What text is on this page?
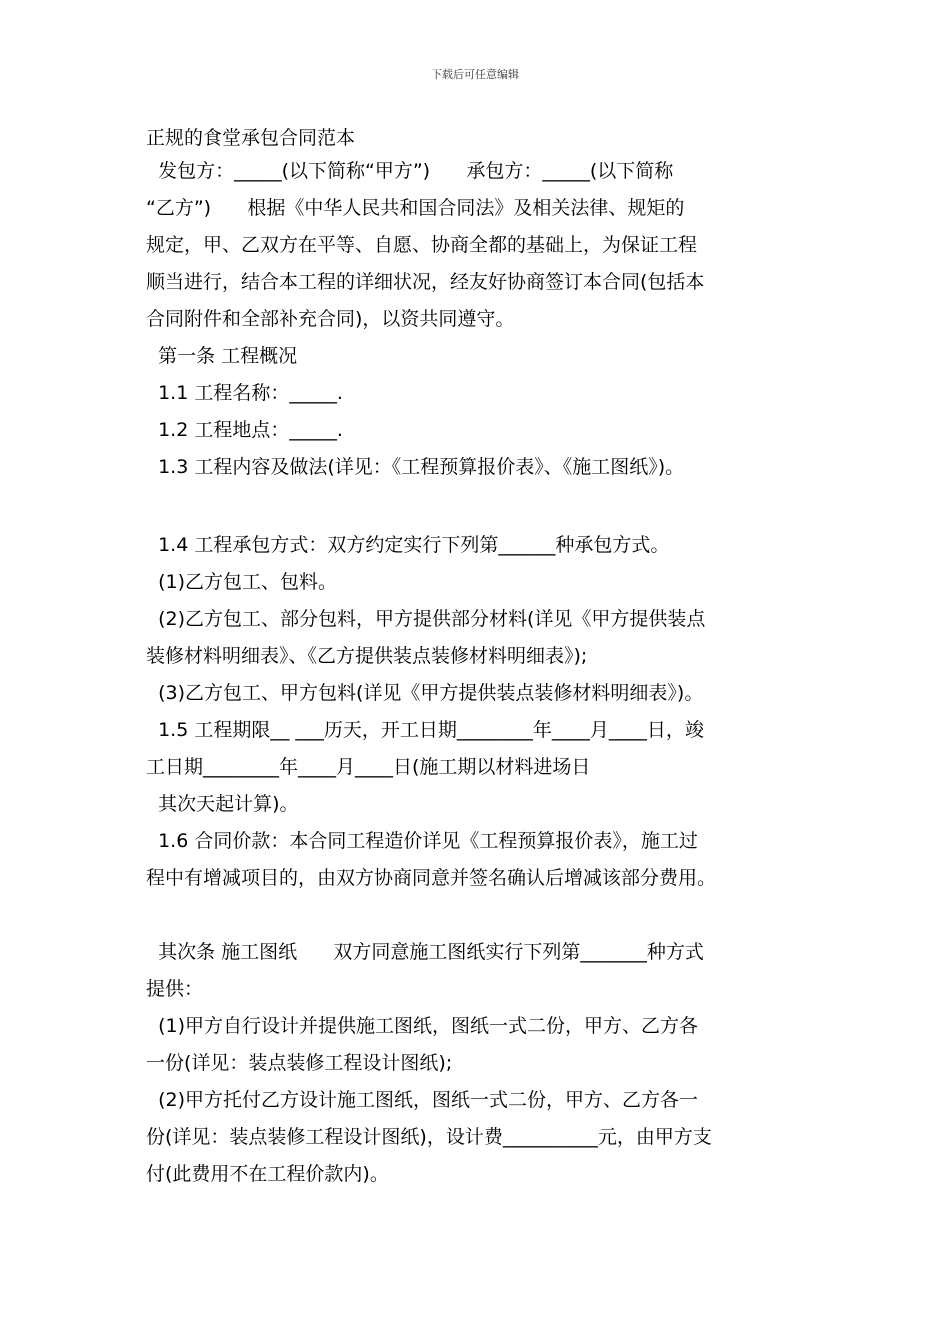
下载后可任意编辑
正规的食堂承包合同范本
发包方：_____(以下简称“甲方”)      承包方：_____(以下简称
“乙方”)      根据《中华人民共和国合同法》及相关法律、规矩的
规定，甲、乙双方在平等、自愿、协商全都的基础上，为保证工程
顺当进行，结合本工程的详细状况，经友好协商签订本合同(包括本
合同附件和全部补充合同)，以资共同遵守。
第一条 工程概况
1.1 工程名称：_____.
1.2 工程地点：_____.
1.3 工程内容及做法(详见：《工程预算报价表》、《施工图纸》)。
1.4 工程承包方式：双方约定实行下列第______种承包方式。
(1)乙方包工、包料。
(2)乙方包工、部分包料，甲方提供部分材料(详见《甲方提供装点
装修材料明细表》、《乙方提供装点装修材料明细表》);
(3)乙方包工、甲方包料(详见《甲方提供装点装修材料明细表》)。
1.5 工程期限__ ___历天，开工日期________年____月____日，竣
工日期________年____月____日(施工期以材料进场日
其次天起计算)。
1.6 合同价款：本合同工程造价详见《工程预算报价表》，施工过
程中有增减项目的，由双方协商同意并签名确认后增减该部分费用。
其次条 施工图纸      双方同意施工图纸实行下列第_______种方式
提供：
(1)甲方自行设计并提供施工图纸，图纸一式二份，甲方、乙方各
一份(详见：装点装修工程设计图纸);
(2)甲方托付乙方设计施工图纸，图纸一式二份，甲方、乙方各一
份(详见：装点装修工程设计图纸)，设计费__________元，由甲方支
付(此费用不在工程价款内)。
